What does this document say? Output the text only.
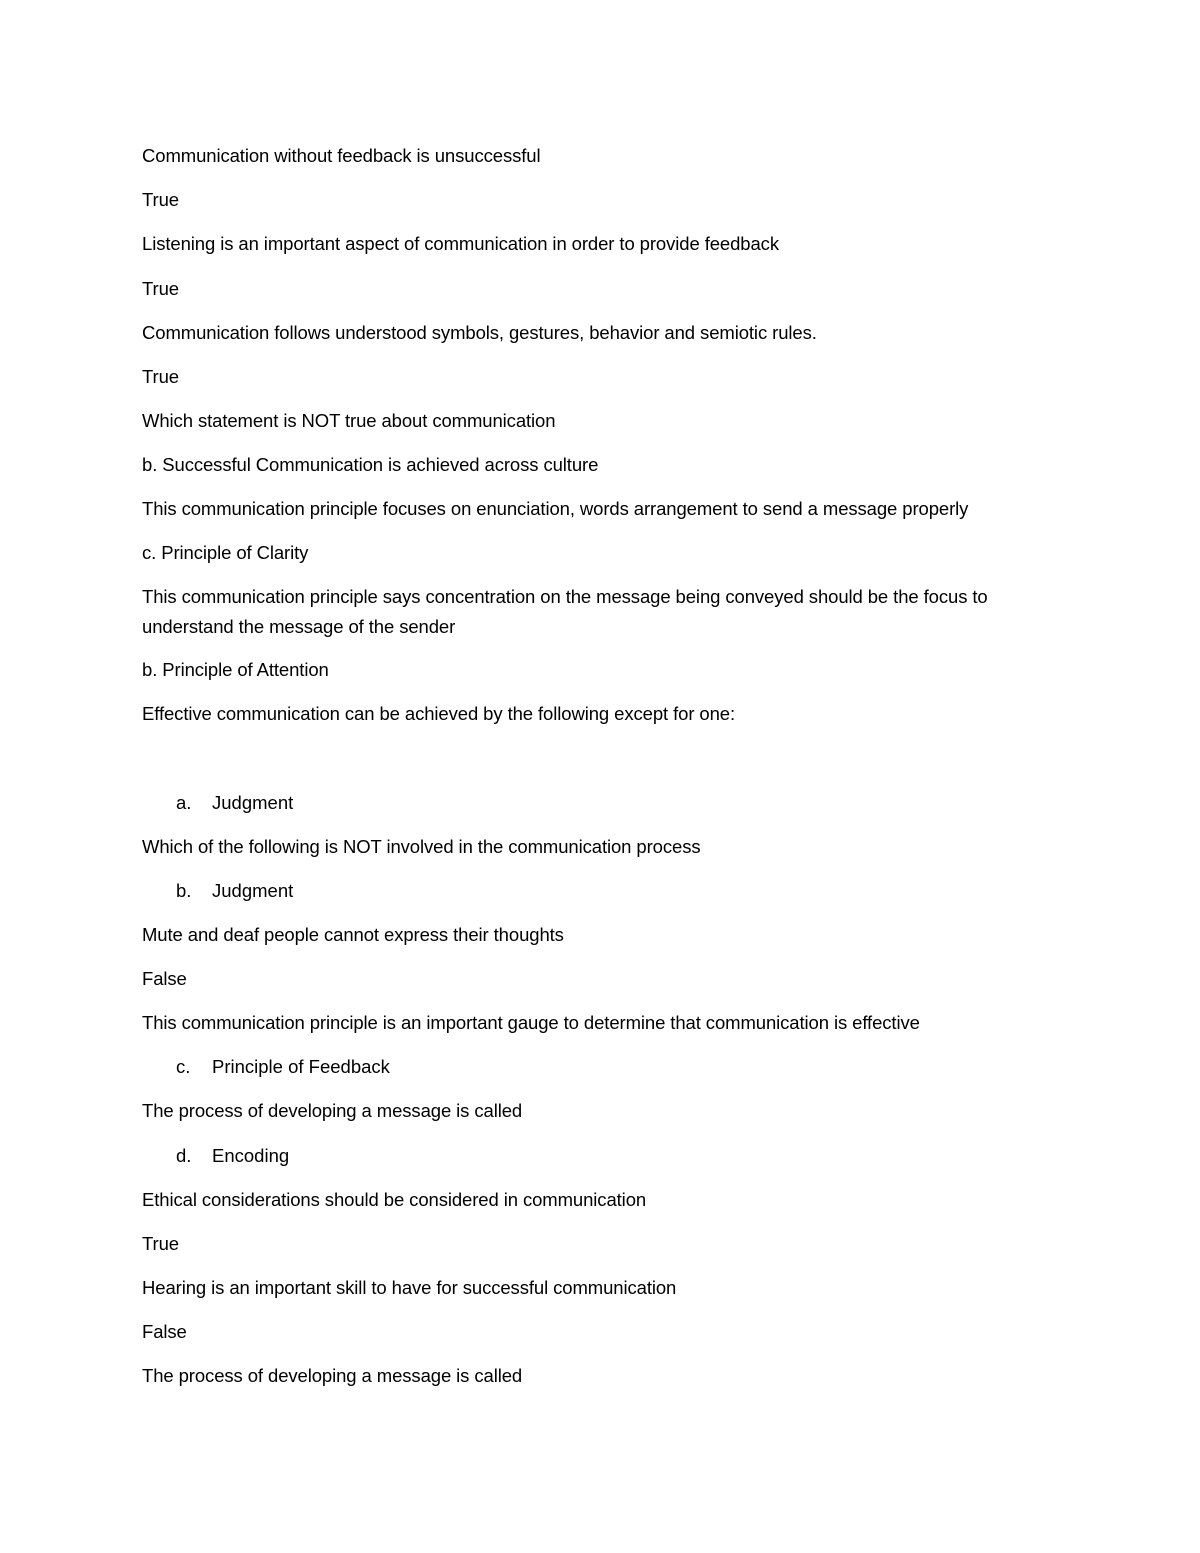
Communication without feedback is unsuccessful
True
Listening is an important aspect of communication in order to provide feedback
True
Communication follows understood symbols, gestures, behavior and semiotic rules.
True
Which statement is NOT true about communication
b. Successful Communication is achieved across culture
This communication principle focuses on enunciation, words arrangement to send a message properly
c. Principle of Clarity
This communication principle says concentration on the message being conveyed should be the focus to understand the message of the sender
b. Principle of Attention
Effective communication can be achieved by the following except for one:
a. Judgment
Which of the following is NOT involved in the communication process
b. Judgment
Mute and deaf people cannot express their thoughts
False
This communication principle is an important gauge to determine that communication is effective
c. Principle of Feedback
The process of developing a message is called
d. Encoding
Ethical considerations should be considered in communication
True
Hearing is an important skill to have for successful communication
False
The process of developing a message is called
